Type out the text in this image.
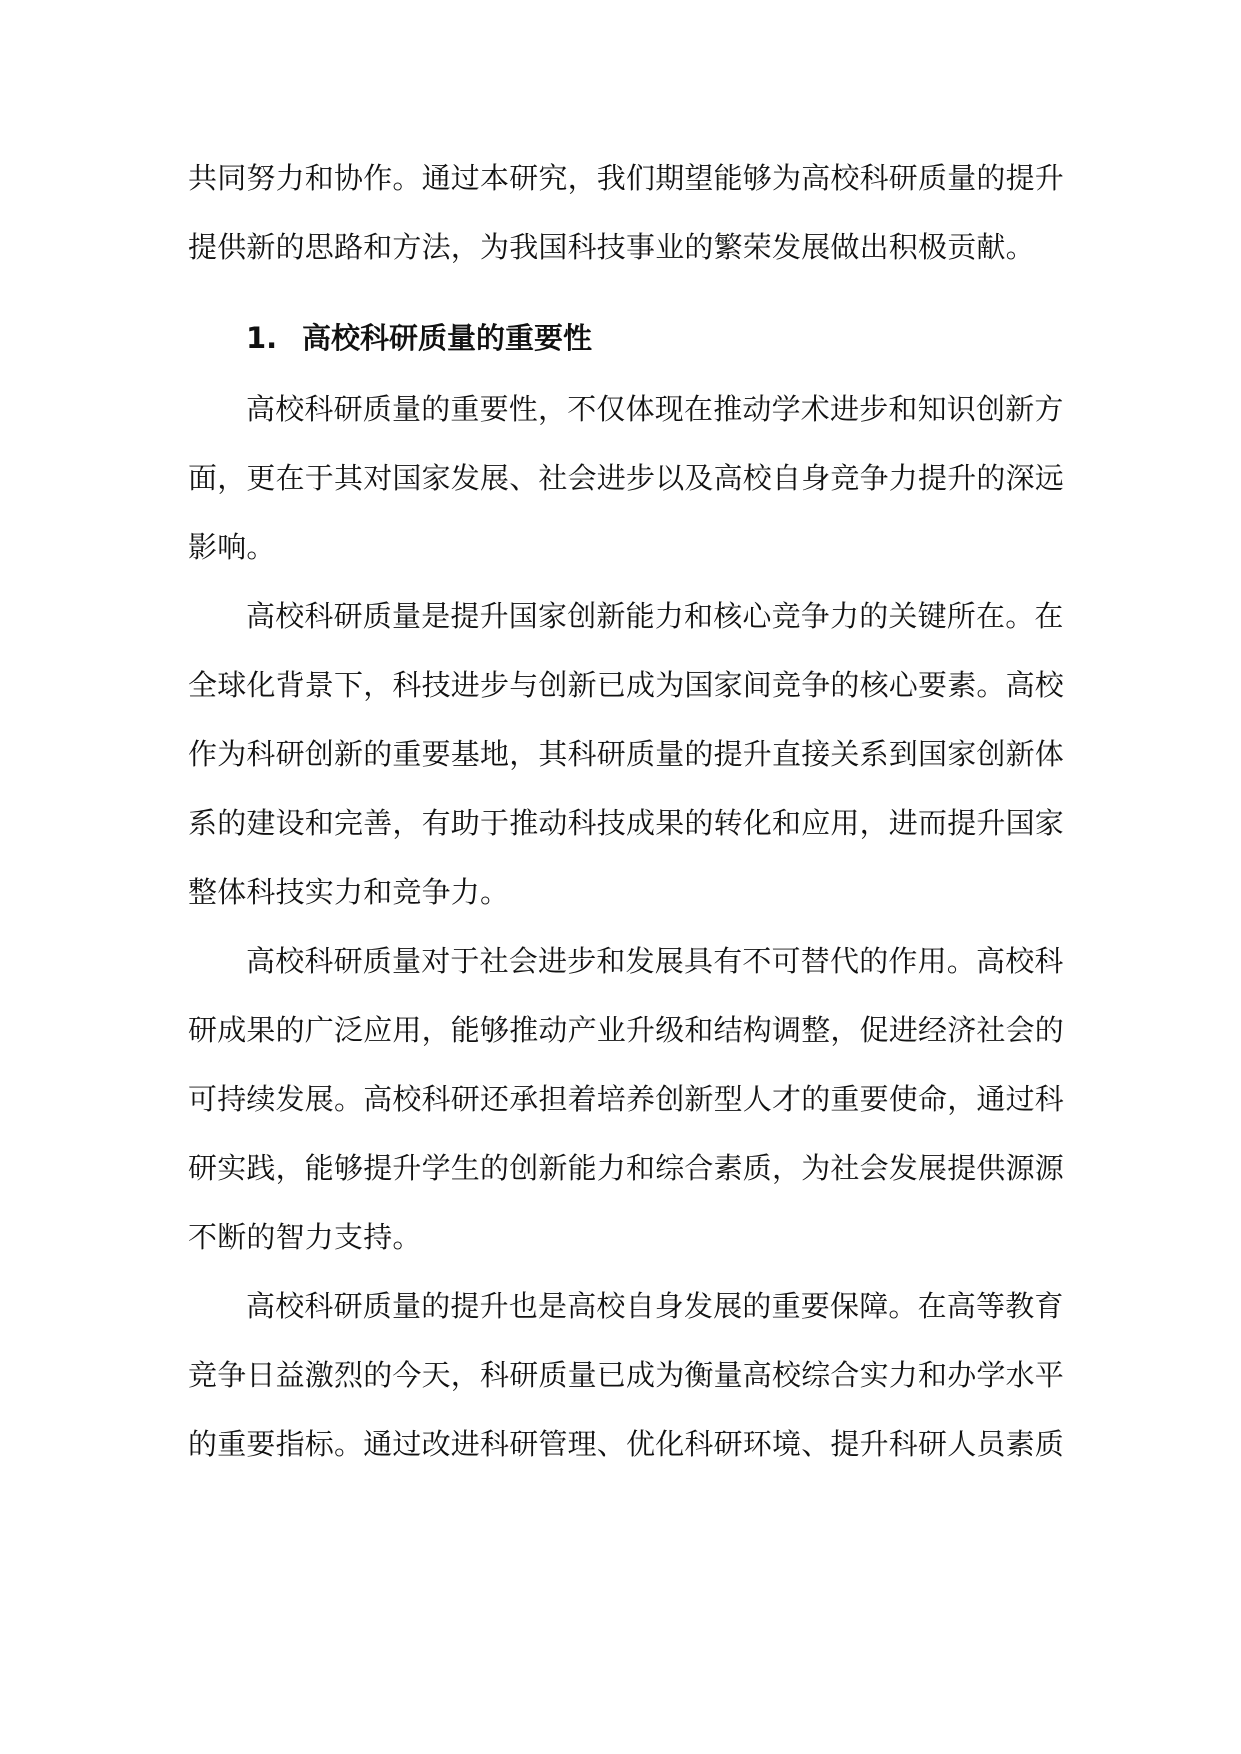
共同努力和协作。通过本研究，我们期望能够为高校科研质量的提升
提供新的思路和方法，为我国科技事业的繁荣发展做出积极贡献。
1. 高校科研质量的重要性
高校科研质量的重要性，不仅体现在推动学术进步和知识创新方
面，更在于其对国家发展、社会进步以及高校自身竞争力提升的深远
影响。
高校科研质量是提升国家创新能力和核心竞争力的关键所在。在
全球化背景下，科技进步与创新已成为国家间竞争的核心要素。高校
作为科研创新的重要基地，其科研质量的提升直接关系到国家创新体
系的建设和完善，有助于推动科技成果的转化和应用，进而提升国家
整体科技实力和竞争力。
高校科研质量对于社会进步和发展具有不可替代的作用。高校科
研成果的广泛应用，能够推动产业升级和结构调整，促进经济社会的
可持续发展。高校科研还承担着培养创新型人才的重要使命，通过科
研实践，能够提升学生的创新能力和综合素质，为社会发展提供源源
不断的智力支持。
高校科研质量的提升也是高校自身发展的重要保障。在高等教育
竞争日益激烈的今天，科研质量已成为衡量高校综合实力和办学水平
的重要指标。通过改进科研管理、优化科研环境、提升科研人员素质
